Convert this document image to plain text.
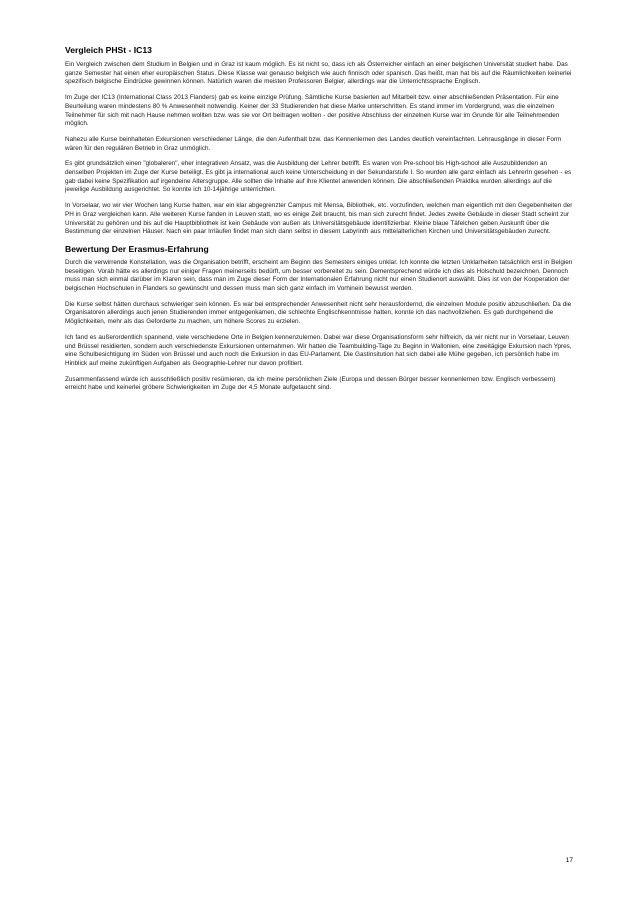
Vergleich PHSt - IC13

Ein Vergleich zwischen dem Studium in Belgien und in Graz ist kaum möglich. Es ist nicht so, dass ich als Österreicher einfach an einer belgischen Universität studiert habe. Das ganze Semester hat einen eher europäischen Status. Diese Klasse war genauso belgisch wie auch finnisch oder spanisch. Das heißt, man hat bis auf die Räumlichkeiten keinerlei spezifisch belgische Eindrücke gewinnen können. Natürlich waren die meisten Professoren Belgier, allerdings war die Unterrichtssprache Englisch.

Im Zuge der IC13 (International Class 2013 Flanders) gab es keine einzige Prüfung. Sämtliche Kurse basierten auf Mitarbeit bzw. einer abschließenden Präsentation. Für eine Beurteilung waren mindestens 80 % Anwesenheit notwendig. Keiner der 33 Studierenden hat diese Marke unterschritten. Es stand immer im Vordergrund, was die einzelnen Teilnehmer für sich mit nach Hause nehmen wollten bzw. was sie vor Ort beitragen wollten - der positive Abschluss der einzelnen Kurse war im Grunde für alle Teilnehmenden möglich.

Nahezu alle Kurse beinhalteten Exkursionen verschiedener Länge, die den Aufenthalt bzw. das Kennenlernen des Landes deutlich vereinfachten. Lehrausgänge in dieser Form wären für den regulären Betrieb in Graz unmöglich.

Es gibt grundsätzlich einen "globaleren", eher integrativen Ansatz, was die Ausbildung der Lehrer betrifft. Es waren von Pre-school bis High-school alle Auszubildenden an denselben Projekten im Zuge der Kurse beteiligt. Es gibt ja international auch keine Unterscheidung in der Sekundarstufe I. So wurden alle ganz einfach als LehrerIn gesehen - es gab dabei keine Spezifikation auf irgendeine Altersgruppe. Alle sollten die Inhalte auf ihre Klientel anwenden können. Die abschließenden Praktika wurden allerdings auf die jeweilige Ausbildung ausgerichtet. So konnte ich 10-14jährige unterrichten.

In Vorselaar, wo wir vier Wochen lang Kurse hatten, war ein klar abgegrenzter Campus mit Mensa, Bibliothek, etc. vorzufinden, welchen man eigentlich mit den Gegebenheiten der PH in Graz vergleichen kann. Alle weiteren Kurse fanden in Leuven statt, wo es einige Zeit braucht, bis man sich zurecht findet. Jedes zweite Gebäude in dieser Stadt scheint zur Universität zu gehören und bis auf die Hauptbibliothek ist kein Gebäude von außen als Universitätsgebäude identifizierbar. Kleine blaue Täfelchen geben Auskunft über die Bestimmung der einzelnen Häuser. Nach ein paar Irrläufen findet man sich dann selbst in diesem Labyrinth aus mittelalterlichen Kirchen und Universitätsgebäuden zurecht.

Bewertung Der Erasmus-Erfahrung

Durch die verwirrende Konstellation, was die Organisation betrifft, erscheint am Beginn des Semesters einiges unklar. Ich konnte die letzten Unklarheiten tatsächlich erst in Belgien beseitigen. Vorab hätte es allerdings nur einiger Fragen meinerseits bedürft, um besser vorbereitet zu sein. Dementsprechend würde ich dies als Holschuld bezeichnen. Dennoch muss man sich einmal darüber im Klaren sein, dass man im Zuge dieser Form der Internationalen Erfahrung nicht nur einen Studienort auswählt. Dies ist von der Kooperation der belgischen Hochschulen in Flanders so gewünscht und dessen muss man sich ganz einfach im Vorhinein bewusst werden.

Die Kurse selbst hätten durchaus schwieriger sein können. Es war bei entsprechender Anwesenheit nicht sehr herausfordernd, die einzelnen Module positiv abzuschließen. Da die Organisatoren allerdings auch jenen Studierenden immer entgegenkamen, die schlechte Englischkenntnisse hatten, konnte ich das nachvollziehen. Es gab durchgehend die Möglichkeiten, mehr als das Geforderte zu machen, um höhere Scores zu erzielen.

Ich fand es außerordentlich spannend, viele verschiedene Orte in Belgien kennenzulernen. Dabei war diese Organisationsform sehr hilfreich, da wir nicht nur in Vorselaar, Leuven und Brüssel residierten, sondern auch verschiedenste Exkursionen unternahmen. Wir hatten die Teambuilding-Tage zu Beginn in Wallonien, eine zweitägige Exkursion nach Ypres, eine Schulbesichtigung im Süden von Brüssel und auch noch die Exkursion in das EU-Parlament. Die Gastinsitution hat sich dabei alle Mühe gegeben, ich persönlich habe im Hinblick auf meine zukünftigen Aufgaben als Geographie-Lehrer nur davon profitiert.

Zusammenfassend würde ich ausschließlich positiv resümieren, da ich meine persönlichen Ziele (Europa und dessen Bürger besser kennenlernen bzw. Englisch verbessern) erreicht habe und keinerlei gröbere Schwierigkeiten im Zuge der 4,5 Monate aufgetaucht sind.

17
